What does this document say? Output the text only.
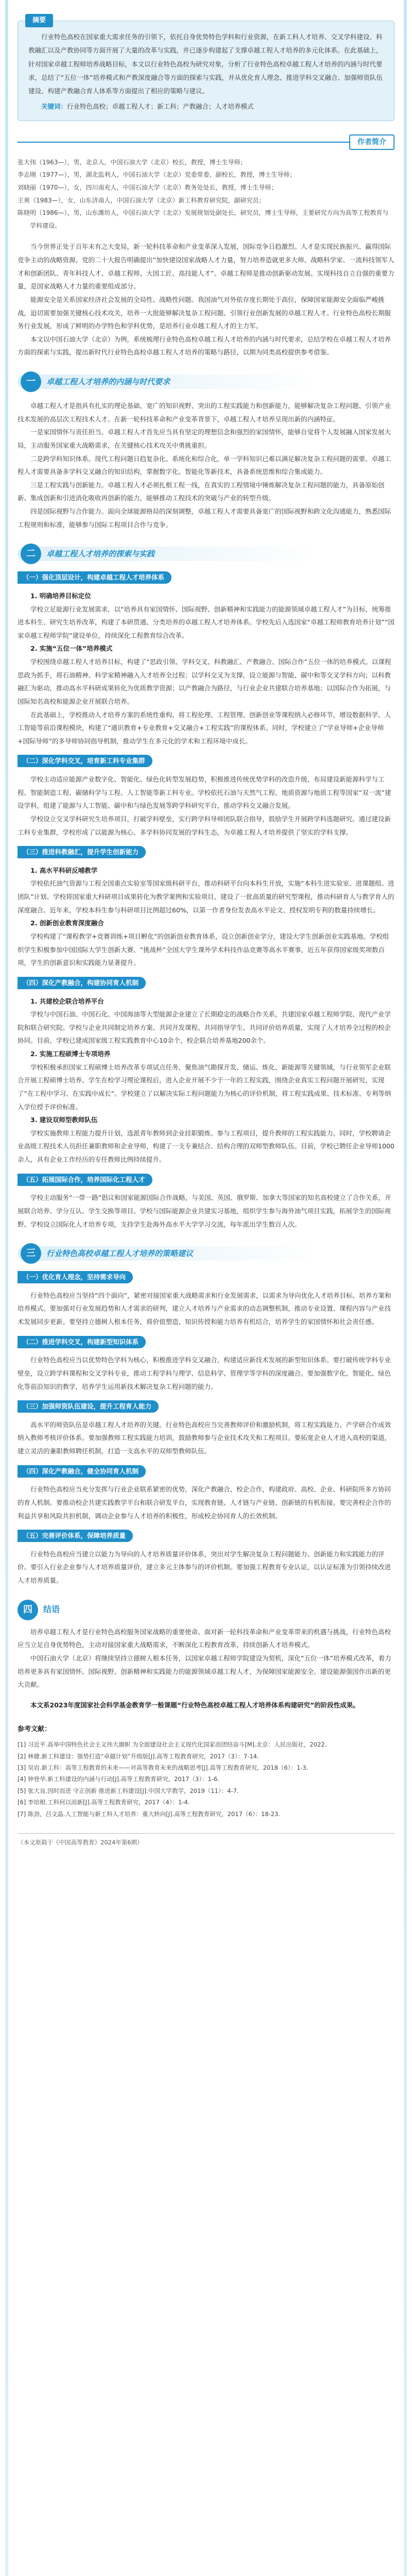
摘要

行业特色高校在国家重大需求任务的引领下，依托自身优势特色学科和行业资源，在新工科人才培养、交叉学科建设、科教融汇以及产教协同等方面开展了大量的改革与实践，并已逐步构建起了支撑卓越工程人才培养的多元化体系。在此基础上，针对国家卓越工程师培养战略目标，本文以行业特色高校为研究对象，分析了行业特色高校卓越工程人才培养的内涵与时代要求，总结了“五位一体”培养模式和产教深度融合等方面的探索与实践，并从优化育人理念、推进学科交叉融合、加强师资队伍建设、构建产教融合育人体系等方面提出了相应的策略与建议。

关键词：行业特色高校；卓越工程人才；新工科；产教融合；人才培养模式
作者简介

张大伟（1963—），男，北京人，中国石油大学（北京）校长，教授，博士生导师；

李志刚（1977—），男，湖北监利人，中国石油大学（北京）党委常委、副校长，教授，博士生导师；

刘晓丽（1970—），女，四川南充人，中国石油大学（北京）教务处处长，教授，博士生导师；

王爽（1983—），女，山东济南人，中国石油大学（北京）新工科教育研究院，副研究员；

陈晓明（1986—），男，山东潍坊人，中国石油大学（北京）发展规划处副处长，研究员，博士生导师，主要研究方向为高等工程教育与学科建设。

当今世界正处于百年未有之大变局，新一轮科技革命和产业变革深入发展，国际竞争日趋激烈。人才是实现民族振兴、赢得国际竞争主动的战略资源。党的二十大报告明确提出“加快建设国家战略人才力量，努力培养造就更多大师、战略科学家、一流科技领军人才和创新团队、青年科技人才、卓越工程师、大国工匠、高技能人才”。卓越工程师是推动创新驱动发展、实现科技自立自强的重要力量，是国家战略人才力量的重要组成部分。

能源安全是关系国家经济社会发展的全局性、战略性问题。我国油气对外依存度长期处于高位，保障国家能源安全面临严峻挑战，迫切需要加强关键核心技术攻关，培养一大批能够解决复杂工程问题、引领行业创新发展的卓越工程人才。行业特色高校长期服务行业发展，形成了鲜明的办学特色和学科优势，是培养行业卓越工程人才的主力军。

本文以中国石油大学（北京）为例，系统梳理行业特色高校卓越工程人才培养的内涵与时代要求，总结学校在卓越工程人才培养方面的探索与实践，提出新时代行业特色高校卓越工程人才培养的策略与路径，以期为同类高校提供参考借鉴。

一	卓越工程人才培养的内涵与时代要求

卓越工程人才是指具有扎实的理论基础、宽广的知识视野、突出的工程实践能力和创新能力，能够解决复杂工程问题、引领产业技术发展的高层次工程技术人才。在新一轮科技革命和产业变革背景下，卓越工程人才培养呈现出新的内涵特征。

一是家国情怀与责任担当。卓越工程人才首先应当具有坚定的理想信念和强烈的家国情怀，能够自觉将个人发展融入国家发展大局，主动服务国家重大战略需求，在关键核心技术攻关中勇挑重担。

二是跨学科知识体系。现代工程问题日趋复杂化、系统化和综合化，单一学科知识已难以满足解决复杂工程问题的需要。卓越工程人才需要具备多学科交叉融合的知识结构，掌握数字化、智能化等新技术，具备系统思维和综合集成能力。

三是工程实践与创新能力。卓越工程人才必须扎根工程一线，在真实的工程情境中锤炼解决复杂工程问题的能力，具备原始创新、集成创新和引进消化吸收再创新的能力，能够推动工程技术的突破与产业的转型升级。

四是国际视野与合作能力。面向全球能源格局的深刻调整，卓越工程人才需要具备宽广的国际视野和跨文化沟通能力，熟悉国际工程规则和标准，能够参与国际工程项目合作与竞争。

二	卓越工程人才培养的探索与实践
（一）强化顶层设计，构建卓越工程人才培养体系

1. 明确培养目标定位

学校立足能源行业发展需求，以“培养具有家国情怀、国际视野、创新精神和实践能力的能源领域卓越工程人才”为目标，统筹推进本科生、研究生培养改革，构建了本研贯通、分类培养的卓越工程人才培养体系。学校先后入选国家“卓越工程师教育培养计划”“国家卓越工程师学院”建设单位，持续深化工程教育综合改革。

2. 实施“五位一体”培养模式

学校围绕卓越工程人才培养目标，构建了“思政引领、学科交叉、科教融汇、产教融合、国际合作”五位一体的培养模式。以课程思政为抓手，将石油精神、科学家精神融入人才培养全过程；以学科交叉为支撑，设立能源与智能、碳中和等交叉学科方向；以科教融汇为驱动，推动高水平科研成果转化为优质教学资源；以产教融合为路径，与行业企业共建联合培养基地；以国际合作为拓展，与国际知名高校和能源企业开展联合培养。

在此基础上，学校推动人才培养方案的系统性重构，将工程伦理、工程管理、创新创业等课程纳入必修环节，增设数据科学、人工智能等前沿课程模块，构建了“通识教育+专业教育+交叉融合+工程实践”的课程体系。同时，学校建立了“学业导师+企业导师+国际导师”的多导师协同指导机制，推动学生在多元化的学术和工程环境中成长。

（二）深化学科交叉，培育新工科专业集群

学校主动适应能源产业数字化、智能化、绿色化转型发展趋势，积极推进传统优势学科的改造升级，布局建设新能源科学与工程、智能制造工程、碳储科学与工程、人工智能等新工科专业。学校依托石油与天然气工程、地质资源与地质工程等国家“双一流”建设学科，组建了能源与人工智能、碳中和与绿色发展等跨学科研究平台，推动学科交叉融合发展。

学校设立交叉学科研究生培养项目，打破学科壁垒，实行跨学科导师团队联合指导，鼓励学生开展跨学科选题研究。通过建设新工科专业集群，学校形成了以能源为核心、多学科协同发展的学科生态，为卓越工程人才培养提供了坚实的学科支撑。

（三）推进科教融汇，提升学生创新能力

1. 高水平科研反哺教学

学校依托油气资源与工程全国重点实验室等国家级科研平台，推动科研平台向本科生开放，实施“本科生进实验室、进课题组、进团队”计划。学校将国家重大科研项目成果转化为教学案例和实验项目，建设了一批高质量的研究型课程，推动科研育人与教学育人的深度融合。近年来，学校本科生参与科研项目比例超过60%，以第一作者身份发表高水平论文、授权发明专利的数量持续增长。

2. 创新创业教育深度融合

学校构建了“课程教学+竞赛训练+项目孵化”的创新创业教育体系，设立创新创业学分，建设大学生创新创业实践基地。学校组织学生积极参加中国国际大学生创新大赛、“挑战杯”全国大学生课外学术科技作品竞赛等高水平赛事，近五年获得国家级奖项数百项，学生的创新意识和实践能力显著提升。

（四）深化产教融合，构建协同育人机制

1. 共建校企联合培养平台

学校与中国石油、中国石化、中国海油等大型能源企业建立了长期稳定的战略合作关系，共建国家卓越工程师学院、现代产业学院和联合研究院。学校与企业共同制定培养方案、共同开发课程、共同指导学生、共同评价培养质量，实现了人才培养全过程的校企协同。目前，学校已建成国家级工程实践教育中心10余个，校企联合培养基地200余个。

2. 实施工程硕博士专项培养

学校积极承担国家工程硕博士培养改革专项试点任务，聚焦油气勘探开发、储运、炼化、新能源等关键领域，与行业领军企业联合开展工程硕博士培养。学生在校学习理论课程后，进入企业开展不少于一年的工程实践，围绕企业真实工程问题开展研究，实现了“在工程中学习、在实践中成长”。学校建立了以解决实际工程问题能力为核心的评价机制，将工程实践成果、技术标准、专利等纳入学位授予评价标准。

3. 建设双师型教师队伍

学校实施教师工程能力提升计划，选派青年教师到企业挂职锻炼、参与工程项目，提升教师的工程实践能力。同时，学校聘请企业高级工程技术人员担任兼职教师和企业导师，构建了一支专兼结合、结构合理的双师型教师队伍。目前，学校已聘任企业导师1000余人，具有企业工作经历的专任教师比例持续提升。

（五）拓展国际合作，培养国际化工程人才

学校主动服务“一带一路”倡议和国家能源国际合作战略，与美国、英国、俄罗斯、加拿大等国家的知名高校建立了合作关系，开展联合培养、学分互认、学生交换等项目。学校与国际能源企业共建实习基地，组织学生参与海外油气项目实践，拓展学生的国际视野。学校设立国际化人才培养专项，支持学生赴海外高水平大学学习交流，每年派出学生数百人次。

三	行业特色高校卓越工程人才培养的策略建议
（一）优化育人理念，坚持需求导向

行业特色高校应当坚持“四个面向”，紧密对接国家重大战略需求和行业发展需求，以需求为导向优化人才培养目标、培养方案和培养模式。要加强对行业发展趋势和人才需求的研判，建立人才培养与产业需求的动态调整机制，推动专业设置、课程内容与产业技术发展同步更新。要坚持立德树人根本任务，将价值塑造、知识传授和能力培养有机结合，培养学生的家国情怀和社会责任感。

（二）推进学科交叉，构建新型知识体系

行业特色高校应当以优势特色学科为核心，积极推进学科交叉融合，构建适应新技术发展的新型知识体系。要打破传统学科专业壁垒，设立跨学科课程和交叉学科专业，推动工程学科与理学、信息科学、管理学等学科的深度融合。要加强数字化、智能化、绿色化等前沿知识的教学，培养学生运用新技术解决复杂工程问题的能力。

（三）加强师资队伍建设，提升工程育人能力

高水平的师资队伍是卓越工程人才培养的关键。行业特色高校应当完善教师评价和激励机制，将工程实践能力、产学研合作成效纳入教师考核评价体系。要加强教师工程实践能力培训，鼓励教师参与企业技术攻关和工程项目。要拓宽企业人才进入高校的渠道，建立灵活的兼职教师聘任机制，打造一支高水平的双师型教师队伍。

（四）深化产教融合，健全协同育人机制

行业特色高校应当充分发挥与行业企业联系紧密的优势，深化产教融合、校企合作，构建政府、高校、企业、科研院所多方协同的育人机制。要推动校企共建实践教学平台和联合研发平台，实现教育链、人才链与产业链、创新链的有机衔接。要完善校企合作的利益共享和风险共担机制，调动企业参与人才培养的积极性，形成校企协同育人的长效机制。

（五）完善评价体系，保障培养质量

行业特色高校应当建立以能力为导向的人才培养质量评价体系，突出对学生解决复杂工程问题能力、创新能力和实践能力的评价。要引入行业企业参与人才培养质量评价，建立多元主体参与的评价机制。要加强工程教育专业认证，以认证标准为引领持续改进人才培养质量。

四	结语

培养卓越工程人才是行业特色高校服务国家战略的重要使命。面对新一轮科技革命和产业变革带来的机遇与挑战，行业特色高校应当立足自身优势特色，主动对接国家重大战略需求，不断深化工程教育改革，持续创新人才培养模式。

中国石油大学（北京）将继续坚持立德树人根本任务，以国家卓越工程师学院建设为契机，深化“五位一体”培养模式改革，着力培养更多具有家国情怀、国际视野、创新精神和实践能力的能源领域卓越工程人才，为保障国家能源安全、建设能源强国作出新的更大贡献。

本文系2023年度国家社会科学基金教育学一般课题“行业特色高校卓越工程人才培养体系构建研究”的阶段性成果。

参考文献：

[1] 习近平.高举中国特色社会主义伟大旗帜 为全面建设社会主义现代化国家而团结奋斗[M].北京：人民出版社，2022.

[2] 林健.新工科建设：强势打造“卓越计划”升级版[J].高等工程教育研究，2017（3）：7-14.

[3] 吴岩.新工科：高等工程教育的未来——对高等教育未来的战略思考[J].高等工程教育研究，2018（6）：1-3.

[4] 钟登华.新工科建设的内涵与行动[J].高等工程教育研究，2017（3）：1-6.

[5] 张大良.因时而进 守正创新 推进新工科建设[J].中国大学教学，2019（11）：4-7.

[6] 李培根.工科何以而新[J].高等工程教育研究，2017（4）：1-4.

[7] 陈劲，吕文晶.人工智能与新工科人才培养：重大转向[J].高等工程教育研究，2017（6）：18-23.

（本文原载于《中国高等教育》2024年第6期）
